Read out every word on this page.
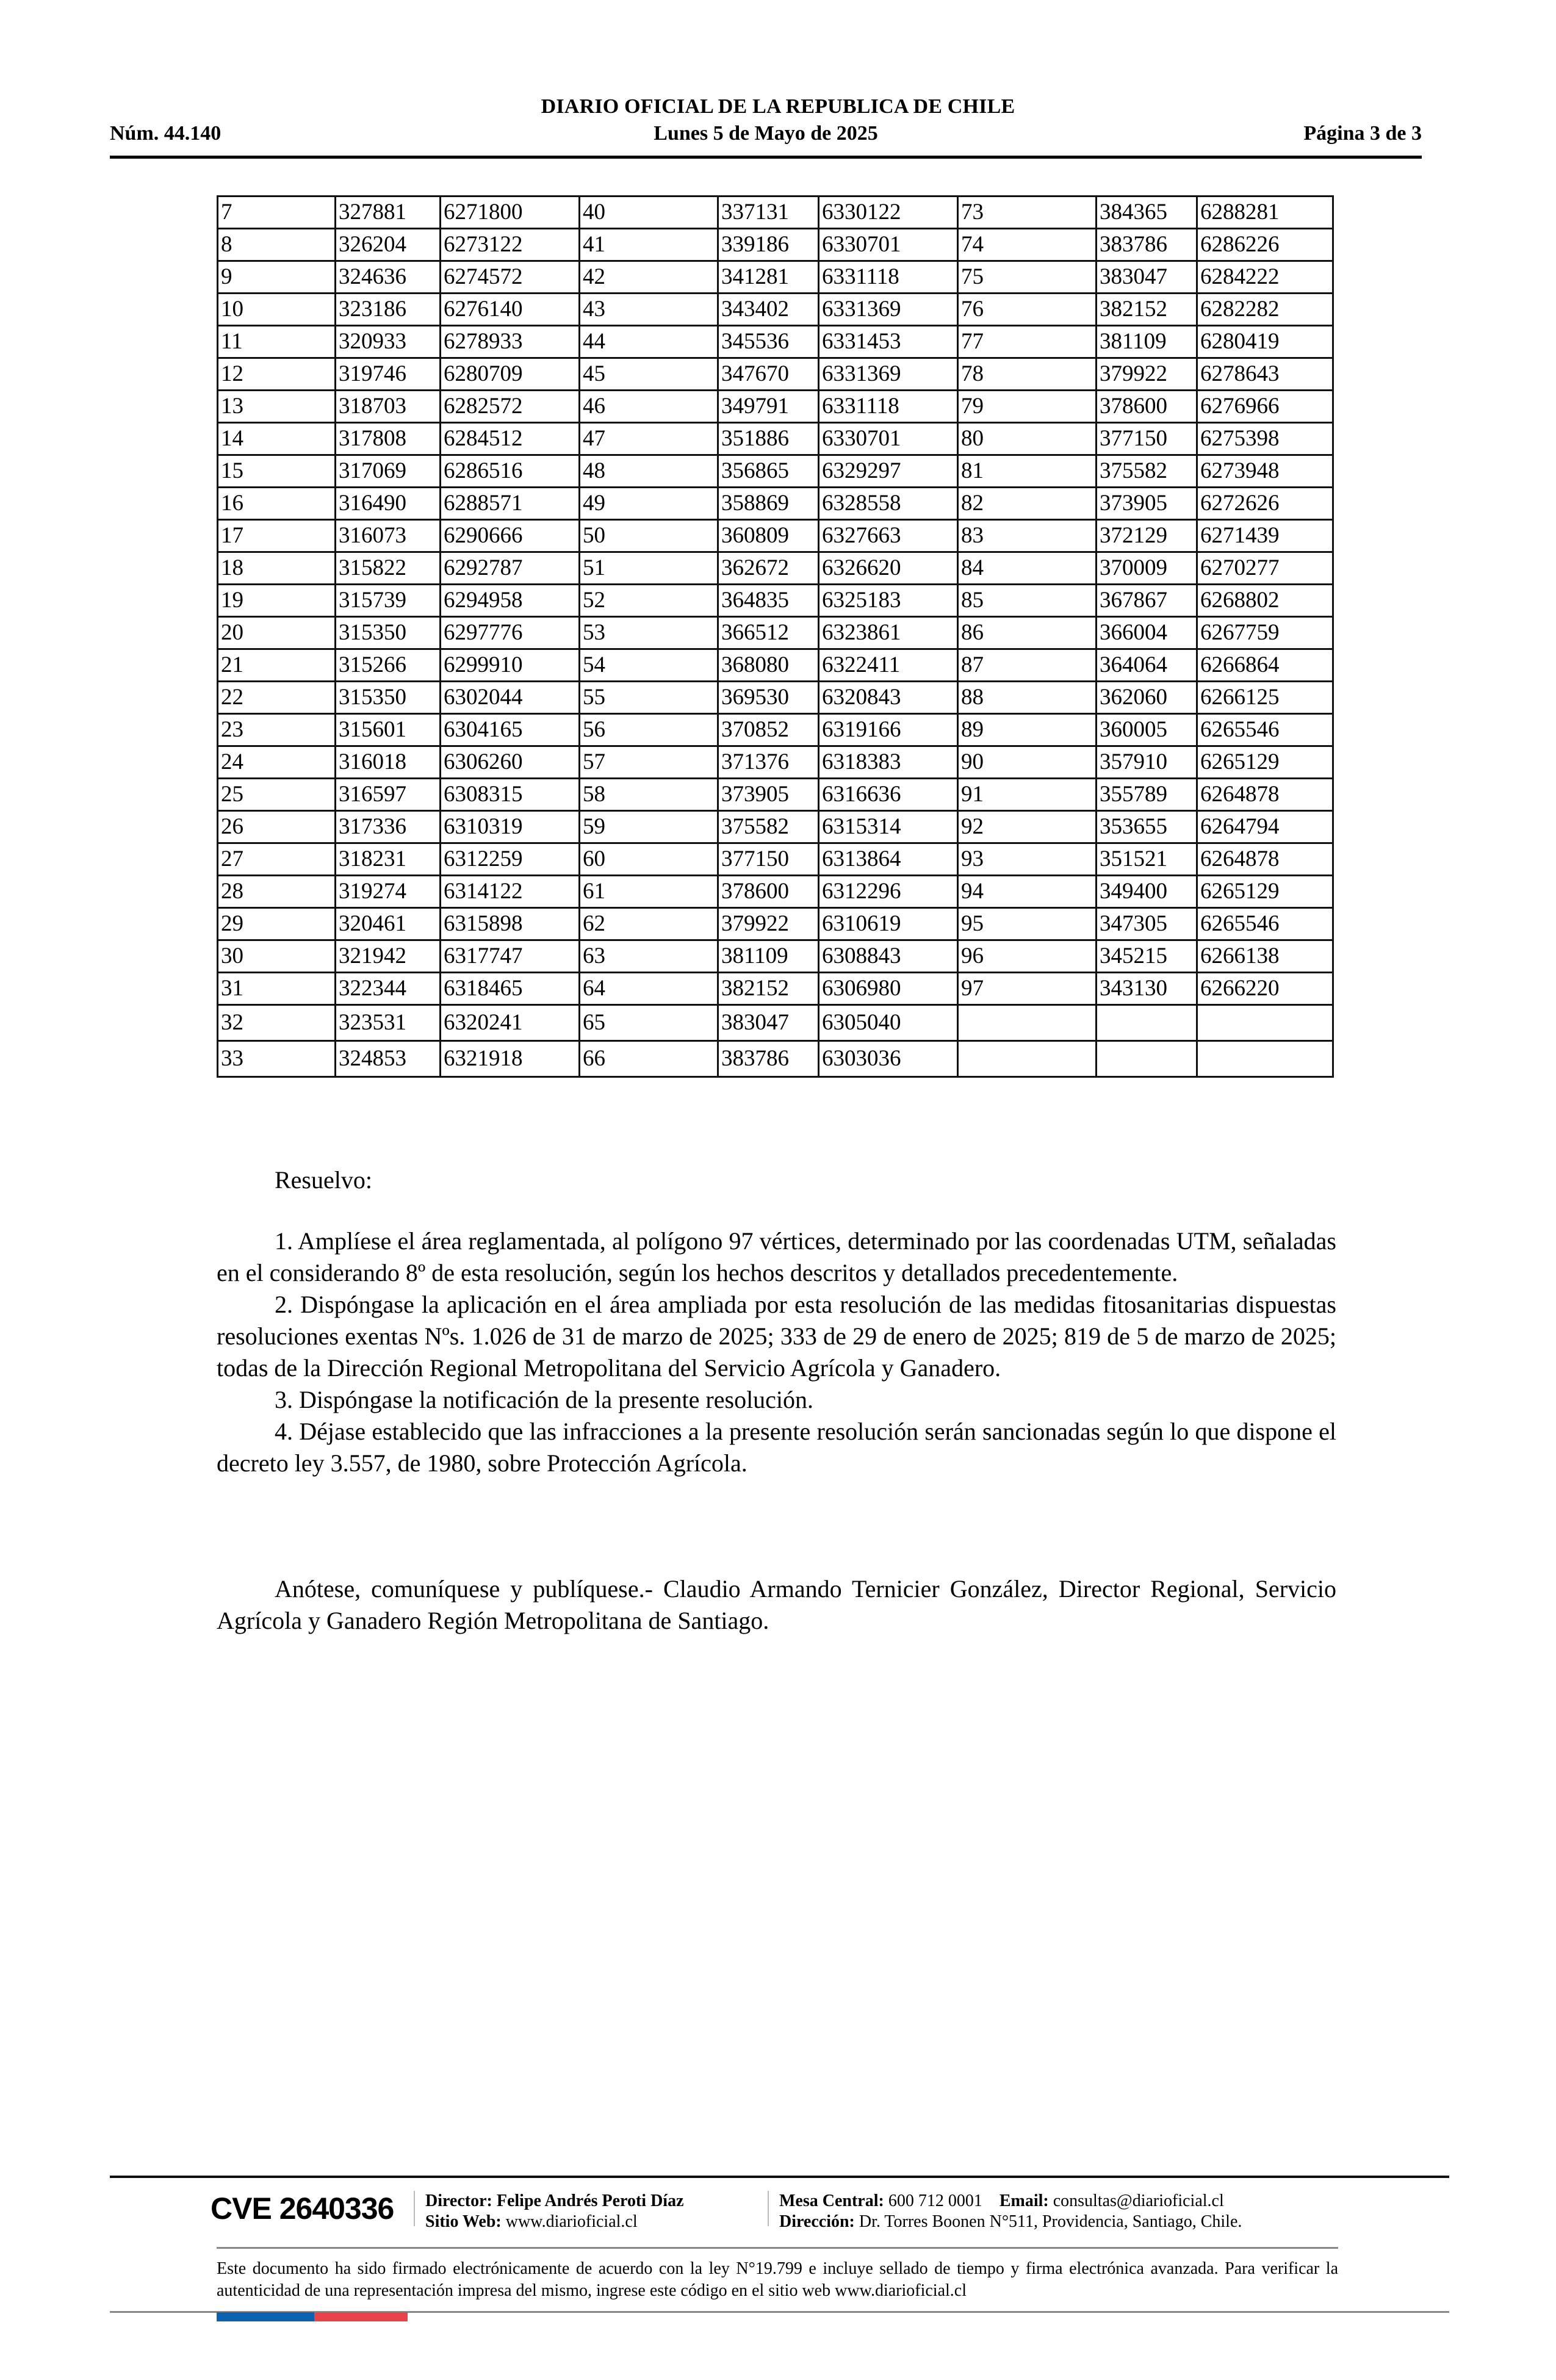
DIARIO OFICIAL DE LA REPUBLICA DE CHILE
Núm. 44.140	Lunes 5 de Mayo de 2025	Página 3 de 3
7	327881	6271800	40	337131	6330122	73	384365	6288281
8	326204	6273122	41	339186	6330701	74	383786	6286226
9	324636	6274572	42	341281	6331118	75	383047	6284222
10	323186	6276140	43	343402	6331369	76	382152	6282282
11	320933	6278933	44	345536	6331453	77	381109	6280419
12	319746	6280709	45	347670	6331369	78	379922	6278643
13	318703	6282572	46	349791	6331118	79	378600	6276966
14	317808	6284512	47	351886	6330701	80	377150	6275398
15	317069	6286516	48	356865	6329297	81	375582	6273948
16	316490	6288571	49	358869	6328558	82	373905	6272626
17	316073	6290666	50	360809	6327663	83	372129	6271439
18	315822	6292787	51	362672	6326620	84	370009	6270277
19	315739	6294958	52	364835	6325183	85	367867	6268802
20	315350	6297776	53	366512	6323861	86	366004	6267759
21	315266	6299910	54	368080	6322411	87	364064	6266864
22	315350	6302044	55	369530	6320843	88	362060	6266125
23	315601	6304165	56	370852	6319166	89	360005	6265546
24	316018	6306260	57	371376	6318383	90	357910	6265129
25	316597	6308315	58	373905	6316636	91	355789	6264878
26	317336	6310319	59	375582	6315314	92	353655	6264794
27	318231	6312259	60	377150	6313864	93	351521	6264878
28	319274	6314122	61	378600	6312296	94	349400	6265129
29	320461	6315898	62	379922	6310619	95	347305	6265546
30	321942	6317747	63	381109	6308843	96	345215	6266138
31	322344	6318465	64	382152	6306980	97	343130	6266220
32	323531	6320241	65	383047	6305040			
33	324853	6321918	66	383786	6303036			
Resuelvo:

1. Amplíese el área reglamentada, al polígono 97 vértices, determinado por las coordenadas UTM, señaladas en el considerando 8º de esta resolución, según los hechos descritos y detallados precedentemente.

2. Dispóngase la aplicación en el área ampliada por esta resolución de las medidas fitosanitarias dispuestas resoluciones exentas Nºs. 1.026 de 31 de marzo de 2025; 333 de 29 de enero de 2025; 819 de 5 de marzo de 2025; todas de la Dirección Regional Metropolitana del Servicio Agrícola y Ganadero.

3. Dispóngase la notificación de la presente resolución.

4. Déjase establecido que las infracciones a la presente resolución serán sancionadas según lo que dispone el decreto ley 3.557, de 1980, sobre Protección Agrícola.

Anótese, comuníquese y publíquese.- Claudio Armando Ternicier González, Director Regional, Servicio Agrícola y Ganadero Región Metropolitana de Santiago.

CVE 2640336 Director: Felipe Andrés Peroti Díaz
Sitio Web: www.diarioficial.cl
Mesa Central: 600 712 0001 Email: consultas@diarioficial.cl
Dirección: Dr. Torres Boonen N°511, Providencia, Santiago, Chile.
Este documento ha sido firmado electrónicamente de acuerdo con la ley N°19.799 e incluye sellado de tiempo y firma electrónica avanzada. Para verificar la autenticidad de una representación impresa del mismo, ingrese este código en el sitio web www.diarioficial.cl
